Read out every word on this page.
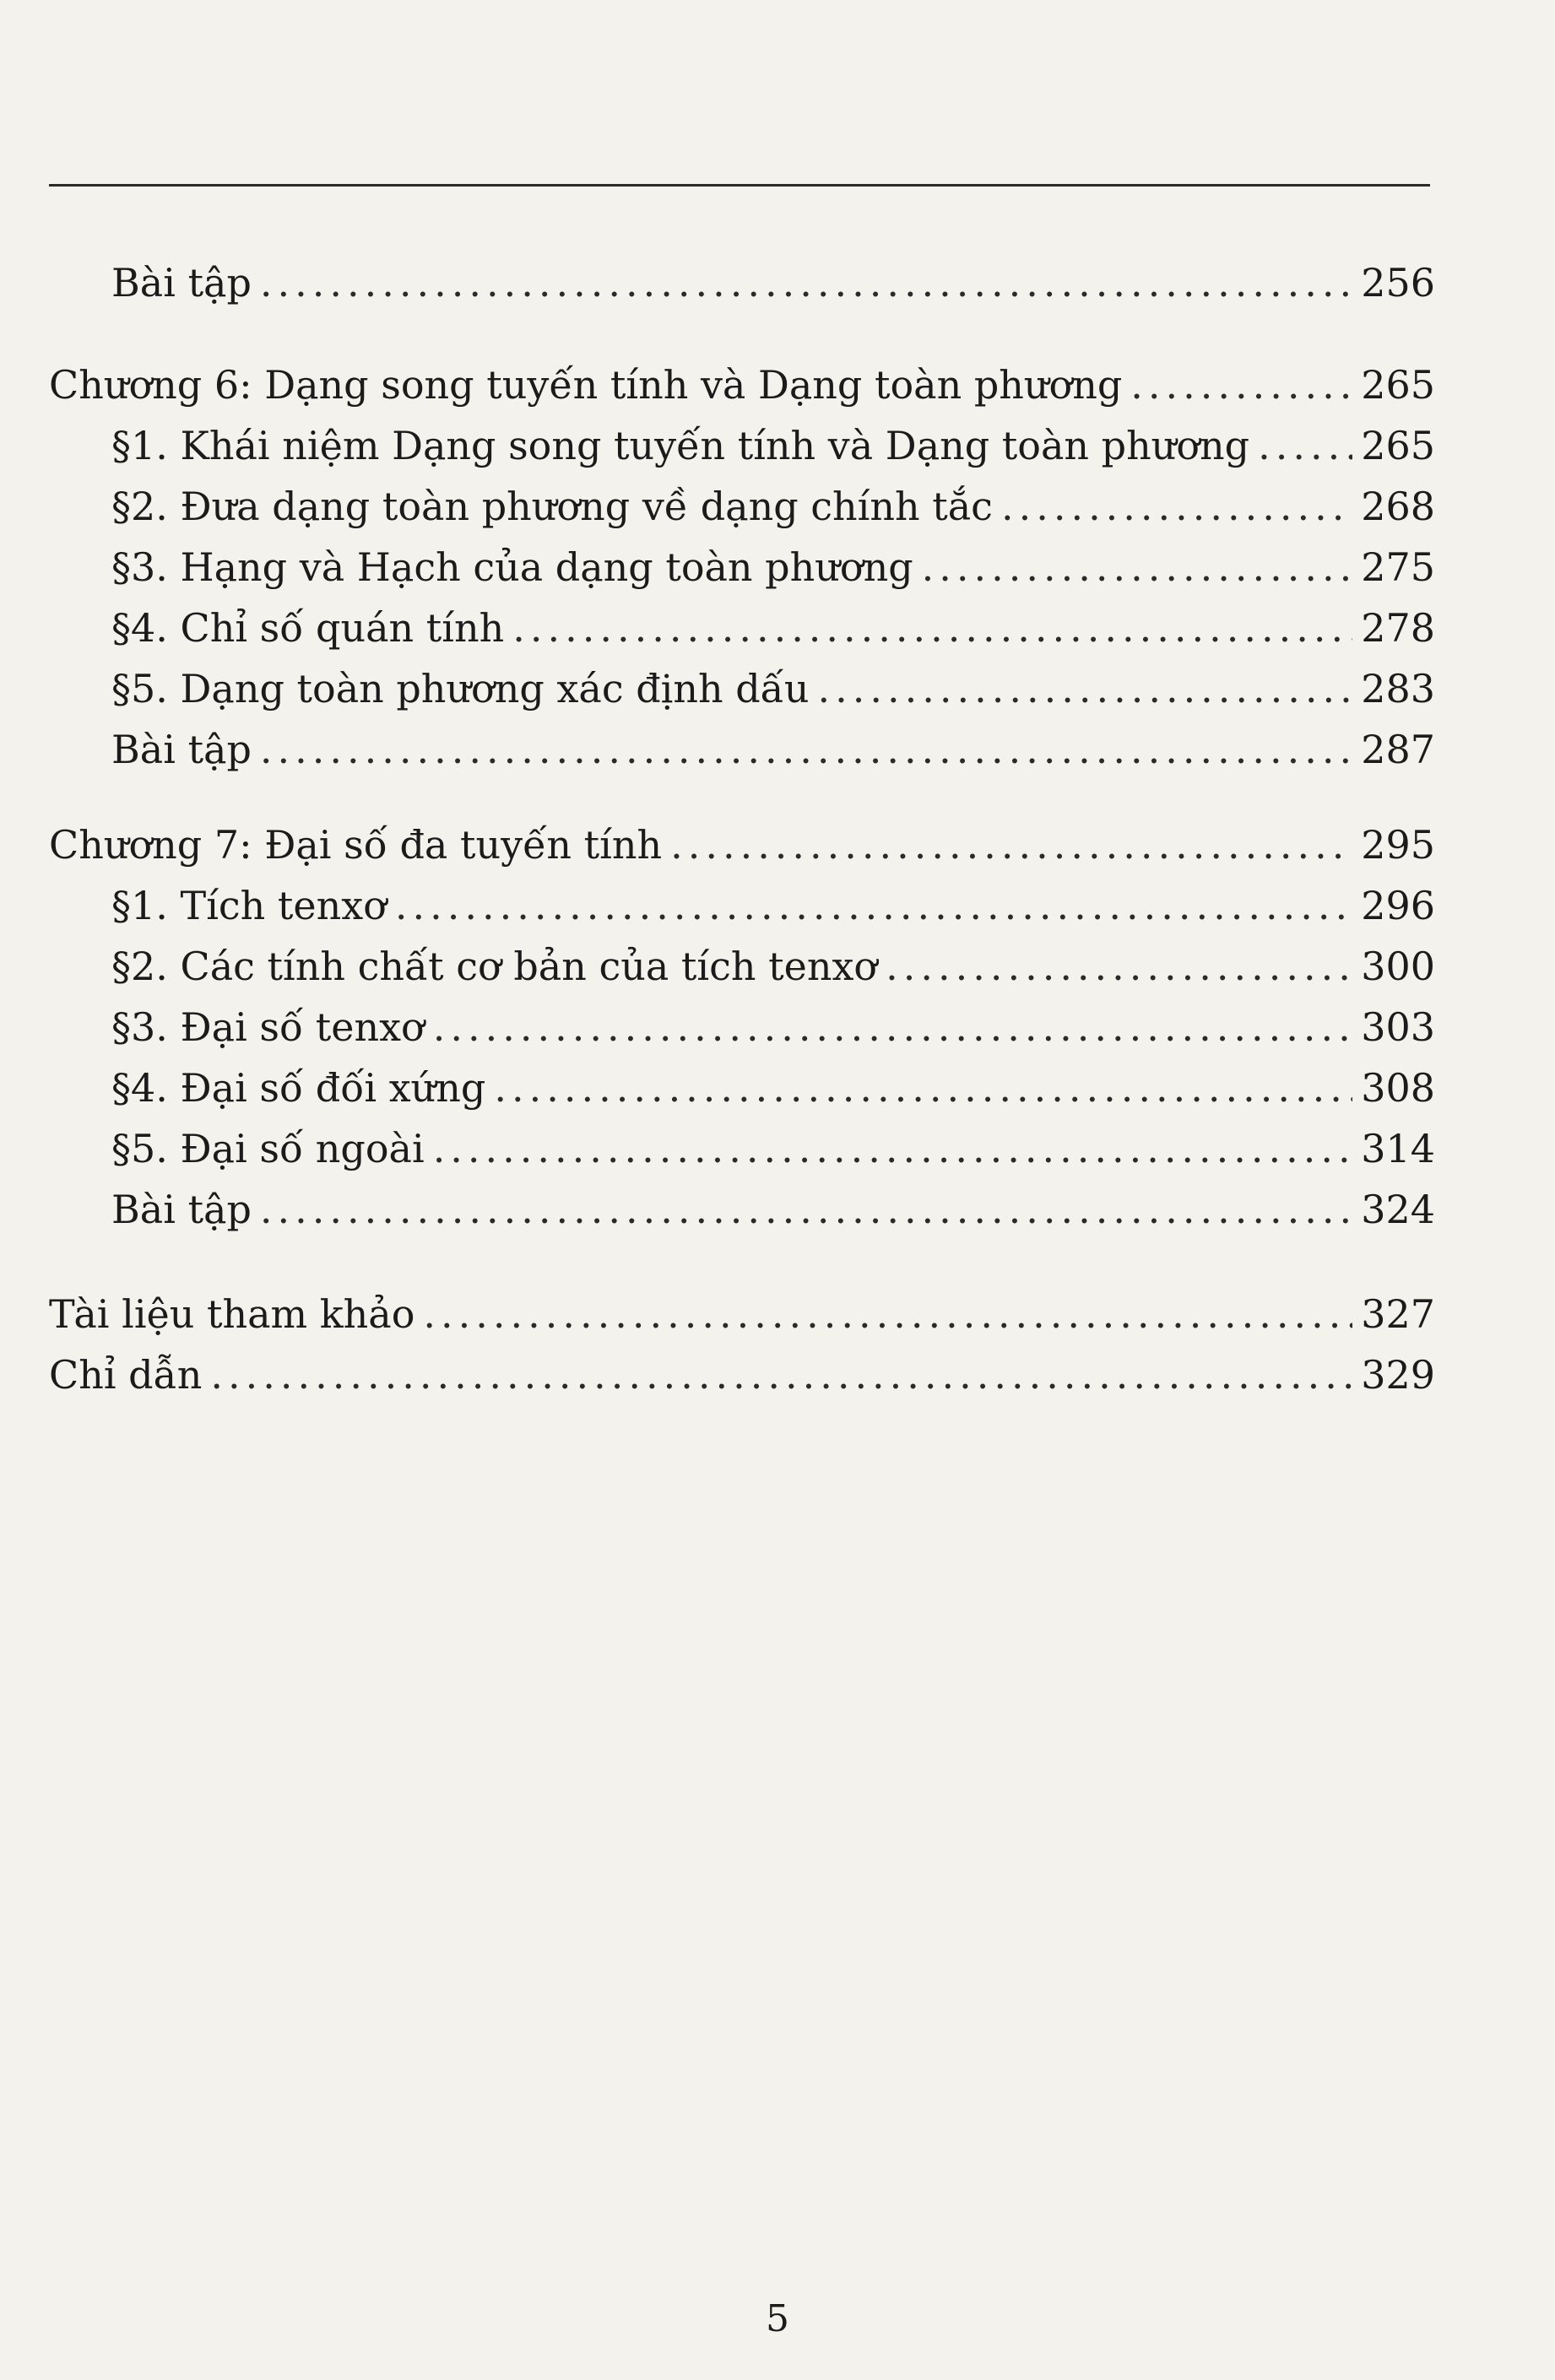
Bài tập .....	256
Chương 6: Dạng song tuyến tính và Dạng toàn phương .....	265
§1. Khái niệm Dạng song tuyến tính và Dạng toàn phương .....	265
§2. Đưa dạng toàn phương về dạng chính tắc .....	268
§3. Hạng và Hạch của dạng toàn phương .....	275
§4. Chỉ số quán tính .....	278
§5. Dạng toàn phương xác định dấu .....	283
Bài tập .....	287
Chương 7: Đại số đa tuyến tính .....	295
§1. Tích tenxơ .....	296
§2. Các tính chất cơ bản của tích tenxơ .....	300
§3. Đại số tenxơ .....	303
§4. Đại số đối xứng .....	308
§5. Đại số ngoài .....	314
Bài tập .....	324
Tài liệu tham khảo .....	327
Chỉ dẫn .....	329
5
